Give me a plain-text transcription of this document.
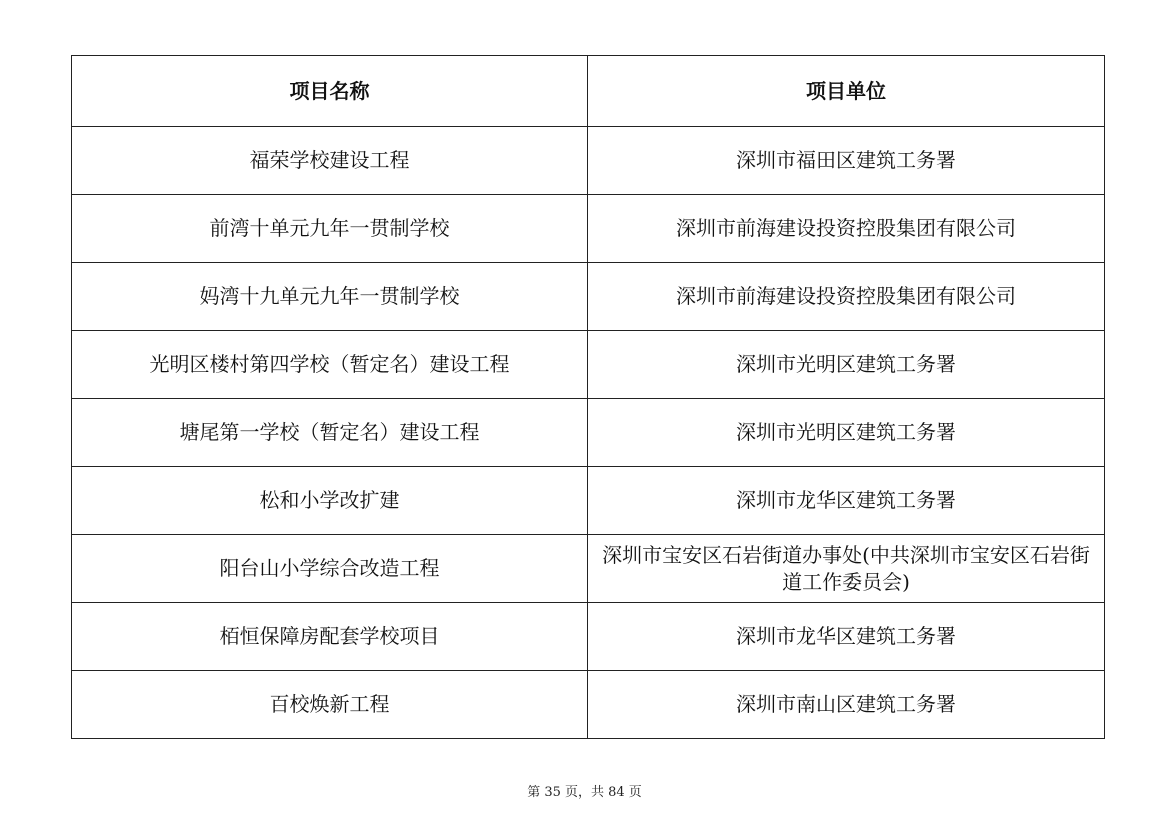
项目名称	项目单位
福荣学校建设工程	深圳市福田区建筑工务署
前湾十单元九年一贯制学校	深圳市前海建设投资控股集团有限公司
妈湾十九单元九年一贯制学校	深圳市前海建设投资控股集团有限公司
光明区楼村第四学校（暂定名）建设工程	深圳市光明区建筑工务署
塘尾第一学校（暂定名）建设工程	深圳市光明区建筑工务署
松和小学改扩建	深圳市龙华区建筑工务署
阳台山小学综合改造工程	深圳市宝安区石岩街道办事处(中共深圳市宝安区石岩街道工作委员会)
栢恒保障房配套学校项目	深圳市龙华区建筑工务署
百校焕新工程	深圳市南山区建筑工务署
第 35 页，共 84 页
